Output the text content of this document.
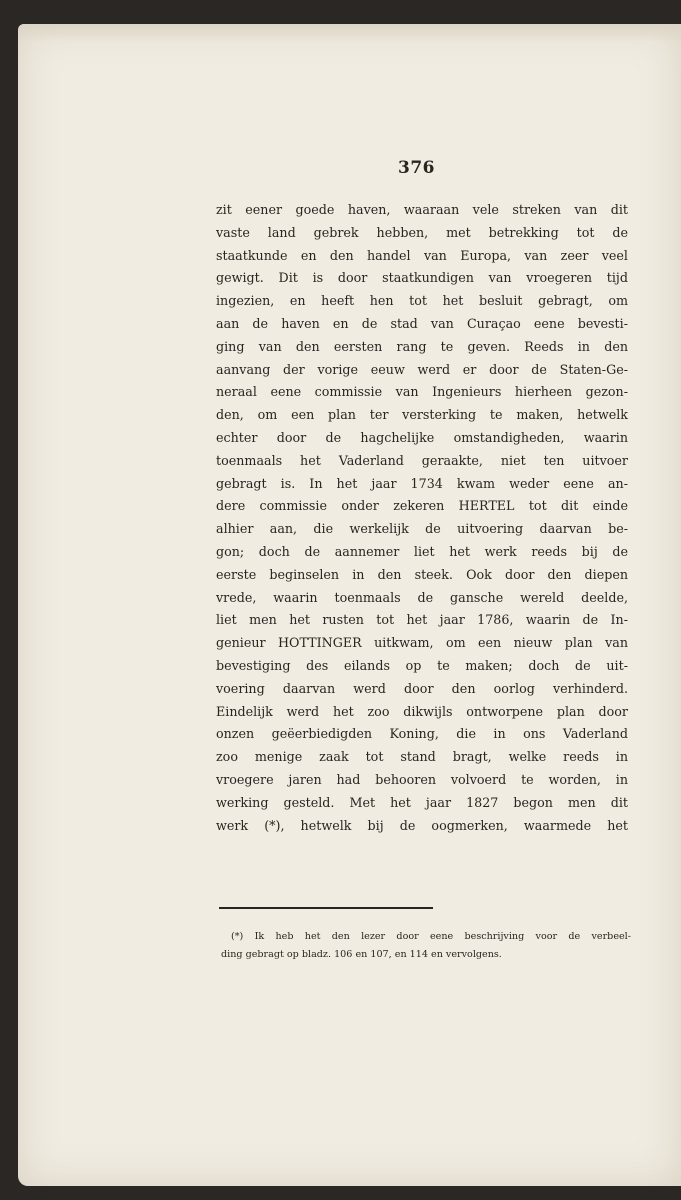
376
zit eener goede haven, waaraan vele streken van dit
vaste land gebrek hebben, met betrekking tot de
staatkunde en den handel van Europa, van zeer veel
gewigt. Dit is door staatkundigen van vroegeren tijd
ingezien, en heeft hen tot het besluit gebragt, om
aan de haven en de stad van Curaçao eene bevesti-
ging van den eersten rang te geven. Reeds in den
aanvang der vorige eeuw werd er door de Staten-Ge-
neraal eene commissie van Ingenieurs hierheen gezon-
den, om een plan ter versterking te maken, hetwelk
echter door de hagchelijke omstandigheden, waarin
toenmaals het Vaderland geraakte, niet ten uitvoer
gebragt is. In het jaar 1734 kwam weder eene an-
dere commissie onder zekeren HERTEL tot dit einde
alhier aan, die werkelijk de uitvoering daarvan be-
gon; doch de aannemer liet het werk reeds bij de
eerste beginselen in den steek. Ook door den diepen
vrede, waarin toenmaals de gansche wereld deelde,
liet men het rusten tot het jaar 1786, waarin de In-
genieur HOTTINGER uitkwam, om een nieuw plan van
bevestiging des eilands op te maken; doch de uit-
voering daarvan werd door den oorlog verhinderd.
Eindelijk werd het zoo dikwijls ontworpene plan door
onzen geëerbiedigden Koning, die in ons Vaderland
zoo menige zaak tot stand bragt, welke reeds in
vroegere jaren had behooren volvoerd te worden, in
werking gesteld. Met het jaar 1827 begon men dit
werk (*), hetwelk bij de oogmerken, waarmede het
(*) Ik heb het den lezer door eene beschrijving voor de verbeel-
ding gebragt op bladz. 106 en 107, en 114 en vervolgens.
